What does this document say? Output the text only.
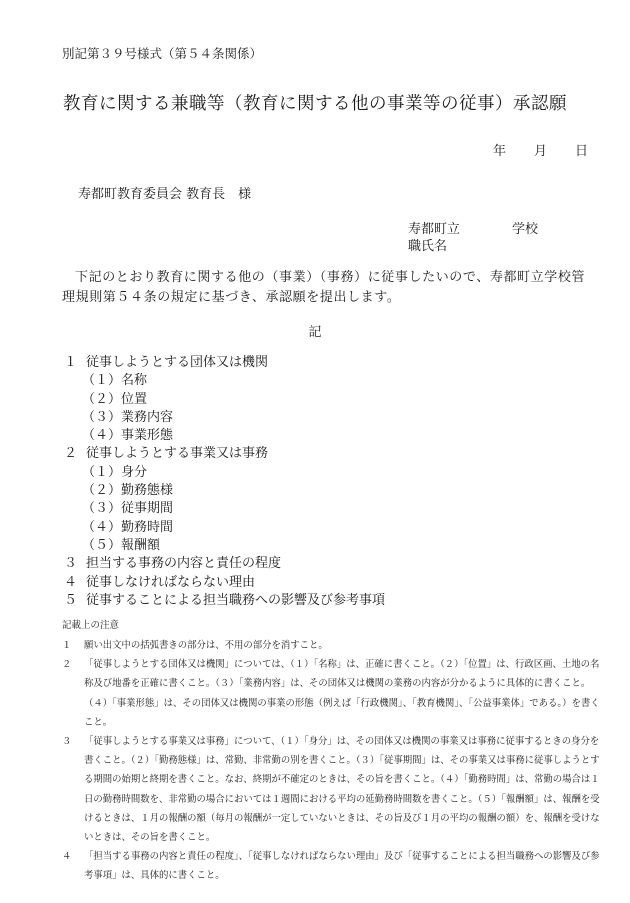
別記第３９号様式（第５４条関係）
教育に関する兼職等（教育に関する他の事業等の従事）承認願
年 月 日
寿都町教育委員会 教育長　様
寿都町立	学校
職氏名
下記のとおり教育に関する他の（事業）（事務）に従事したいので、寿都町立学校管理規則第５４条の規定に基づき、承認願を提出します。
記
１ 従事しようとする団体又は機関
（１）名称
（２）位置
（３）業務内容
（４）事業形態
２ 従事しようとする事業又は事務
（１）身分
（２）勤務態様
（３）従事期間
（４）勤務時間
（５）報酬額
３ 担当する事務の内容と責任の程度
４ 従事しなければならない理由
５ 従事することによる担当職務への影響及び参考事項
記載上の注意
１ 願い出文中の括弧書きの部分は、不用の部分を消すこと。
２ 「従事しようとする団体又は機関」については、（１）「名称」は、正確に書くこと。（２）「位置」は、行政区画、土地の名称及び地番を正確に書くこと。（３）「業務内容」は、その団体又は機関の業務の内容が分かるように具体的に書くこと。（４）「事業形態」は、その団体又は機関の事業の形態（例えば「行政機関」、「教育機関」、「公益事業体」である。）を書くこと。
３ 「従事しようとする事業又は事務」について、（１）「身分」は、その団体又は機関の事業又は事務に従事するときの身分を書くこと。（２）「勤務態様」は、常勤、非常勤の別を書くこと。（３）「従事期間」は、その事業又は事務に従事しようとする期間の始期と終期を書くこと。なお、終期が不確定のときは、その旨を書くこと。（４）「勤務時間」は、常勤の場合は１日の勤務時間数を、非常勤の場合においては１週間における平均の延勤務時間数を書くこと。（５）「報酬額」は、報酬を受けるときは、１月の報酬の額（毎月の報酬が一定していないときは、その旨及び１月の平均の報酬の額）を、報酬を受けないときは、その旨を書くこと。
４ 「担当する事務の内容と責任の程度」、「従事しなければならない理由」及び「従事することによる担当職務への影響及び参考事項」は、具体的に書くこと。
